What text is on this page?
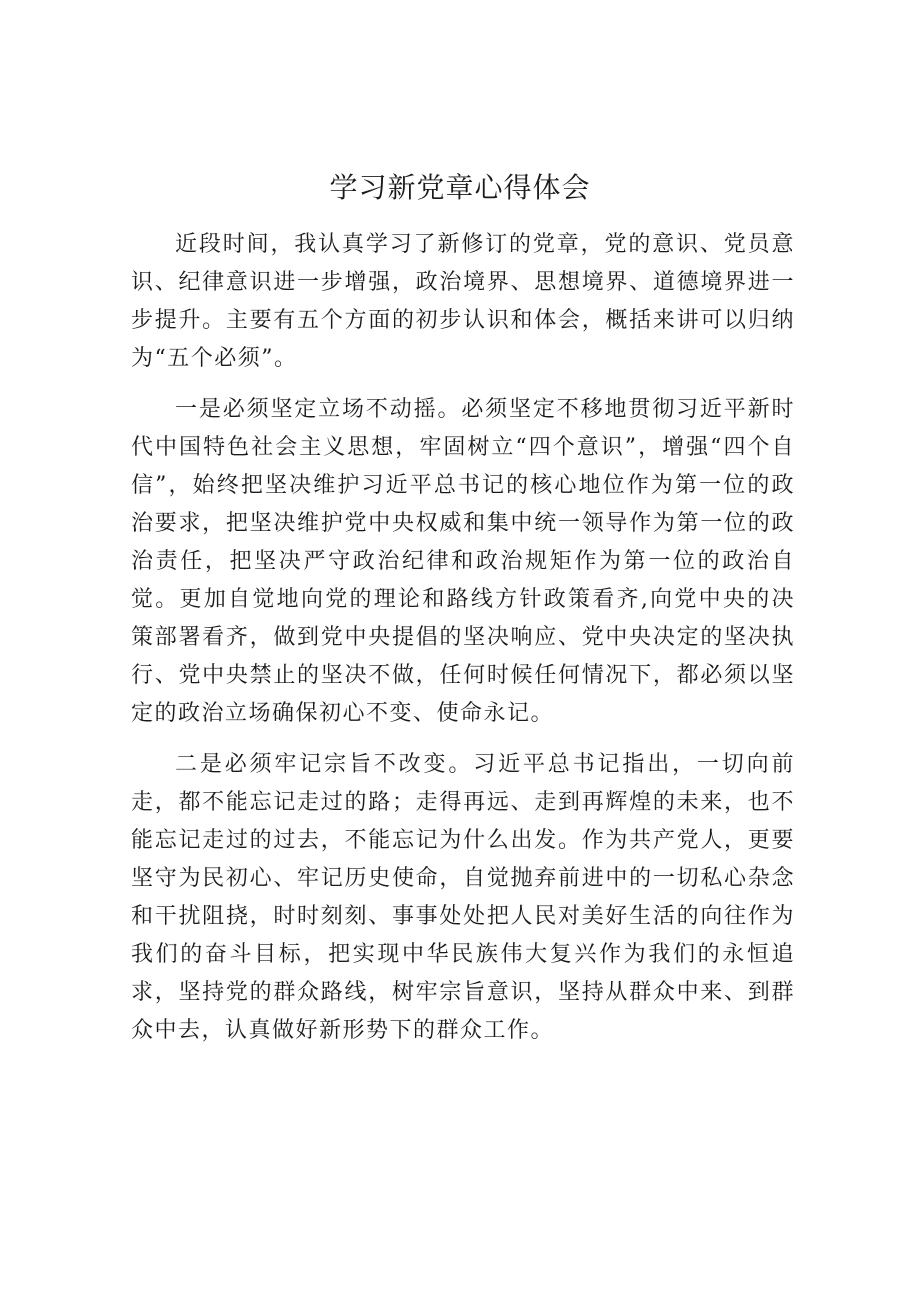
学习新党章心得体会

近段时间，我认真学习了新修订的党章，党的意识、党员意识、纪律意识进一步增强，政治境界、思想境界、道德境界进一步提升。主要有五个方面的初步认识和体会，概括来讲可以归纳为“五个必须”。

一是必须坚定立场不动摇。必须坚定不移地贯彻习近平新时代中国特色社会主义思想，牢固树立“四个意识”，增强“四个自信”，始终把坚决维护习近平总书记的核心地位作为第一位的政治要求，把坚决维护党中央权威和集中统一领导作为第一位的政治责任，把坚决严守政治纪律和政治规矩作为第一位的政治自觉。更加自觉地向党的理论和路线方针政策看齐,向党中央的决策部署看齐，做到党中央提倡的坚决响应、党中央决定的坚决执行、党中央禁止的坚决不做，任何时候任何情况下，都必须以坚定的政治立场确保初心不变、使命永记。

二是必须牢记宗旨不改变。习近平总书记指出，一切向前走，都不能忘记走过的路；走得再远、走到再辉煌的未来，也不能忘记走过的过去，不能忘记为什么出发。作为共产党人，更要坚守为民初心、牢记历史使命，自觉抛弃前进中的一切私心杂念和干扰阻挠，时时刻刻、事事处处把人民对美好生活的向往作为我们的奋斗目标，把实现中华民族伟大复兴作为我们的永恒追求，坚持党的群众路线，树牢宗旨意识，坚持从群众中来、到群众中去，认真做好新形势下的群众工作。
